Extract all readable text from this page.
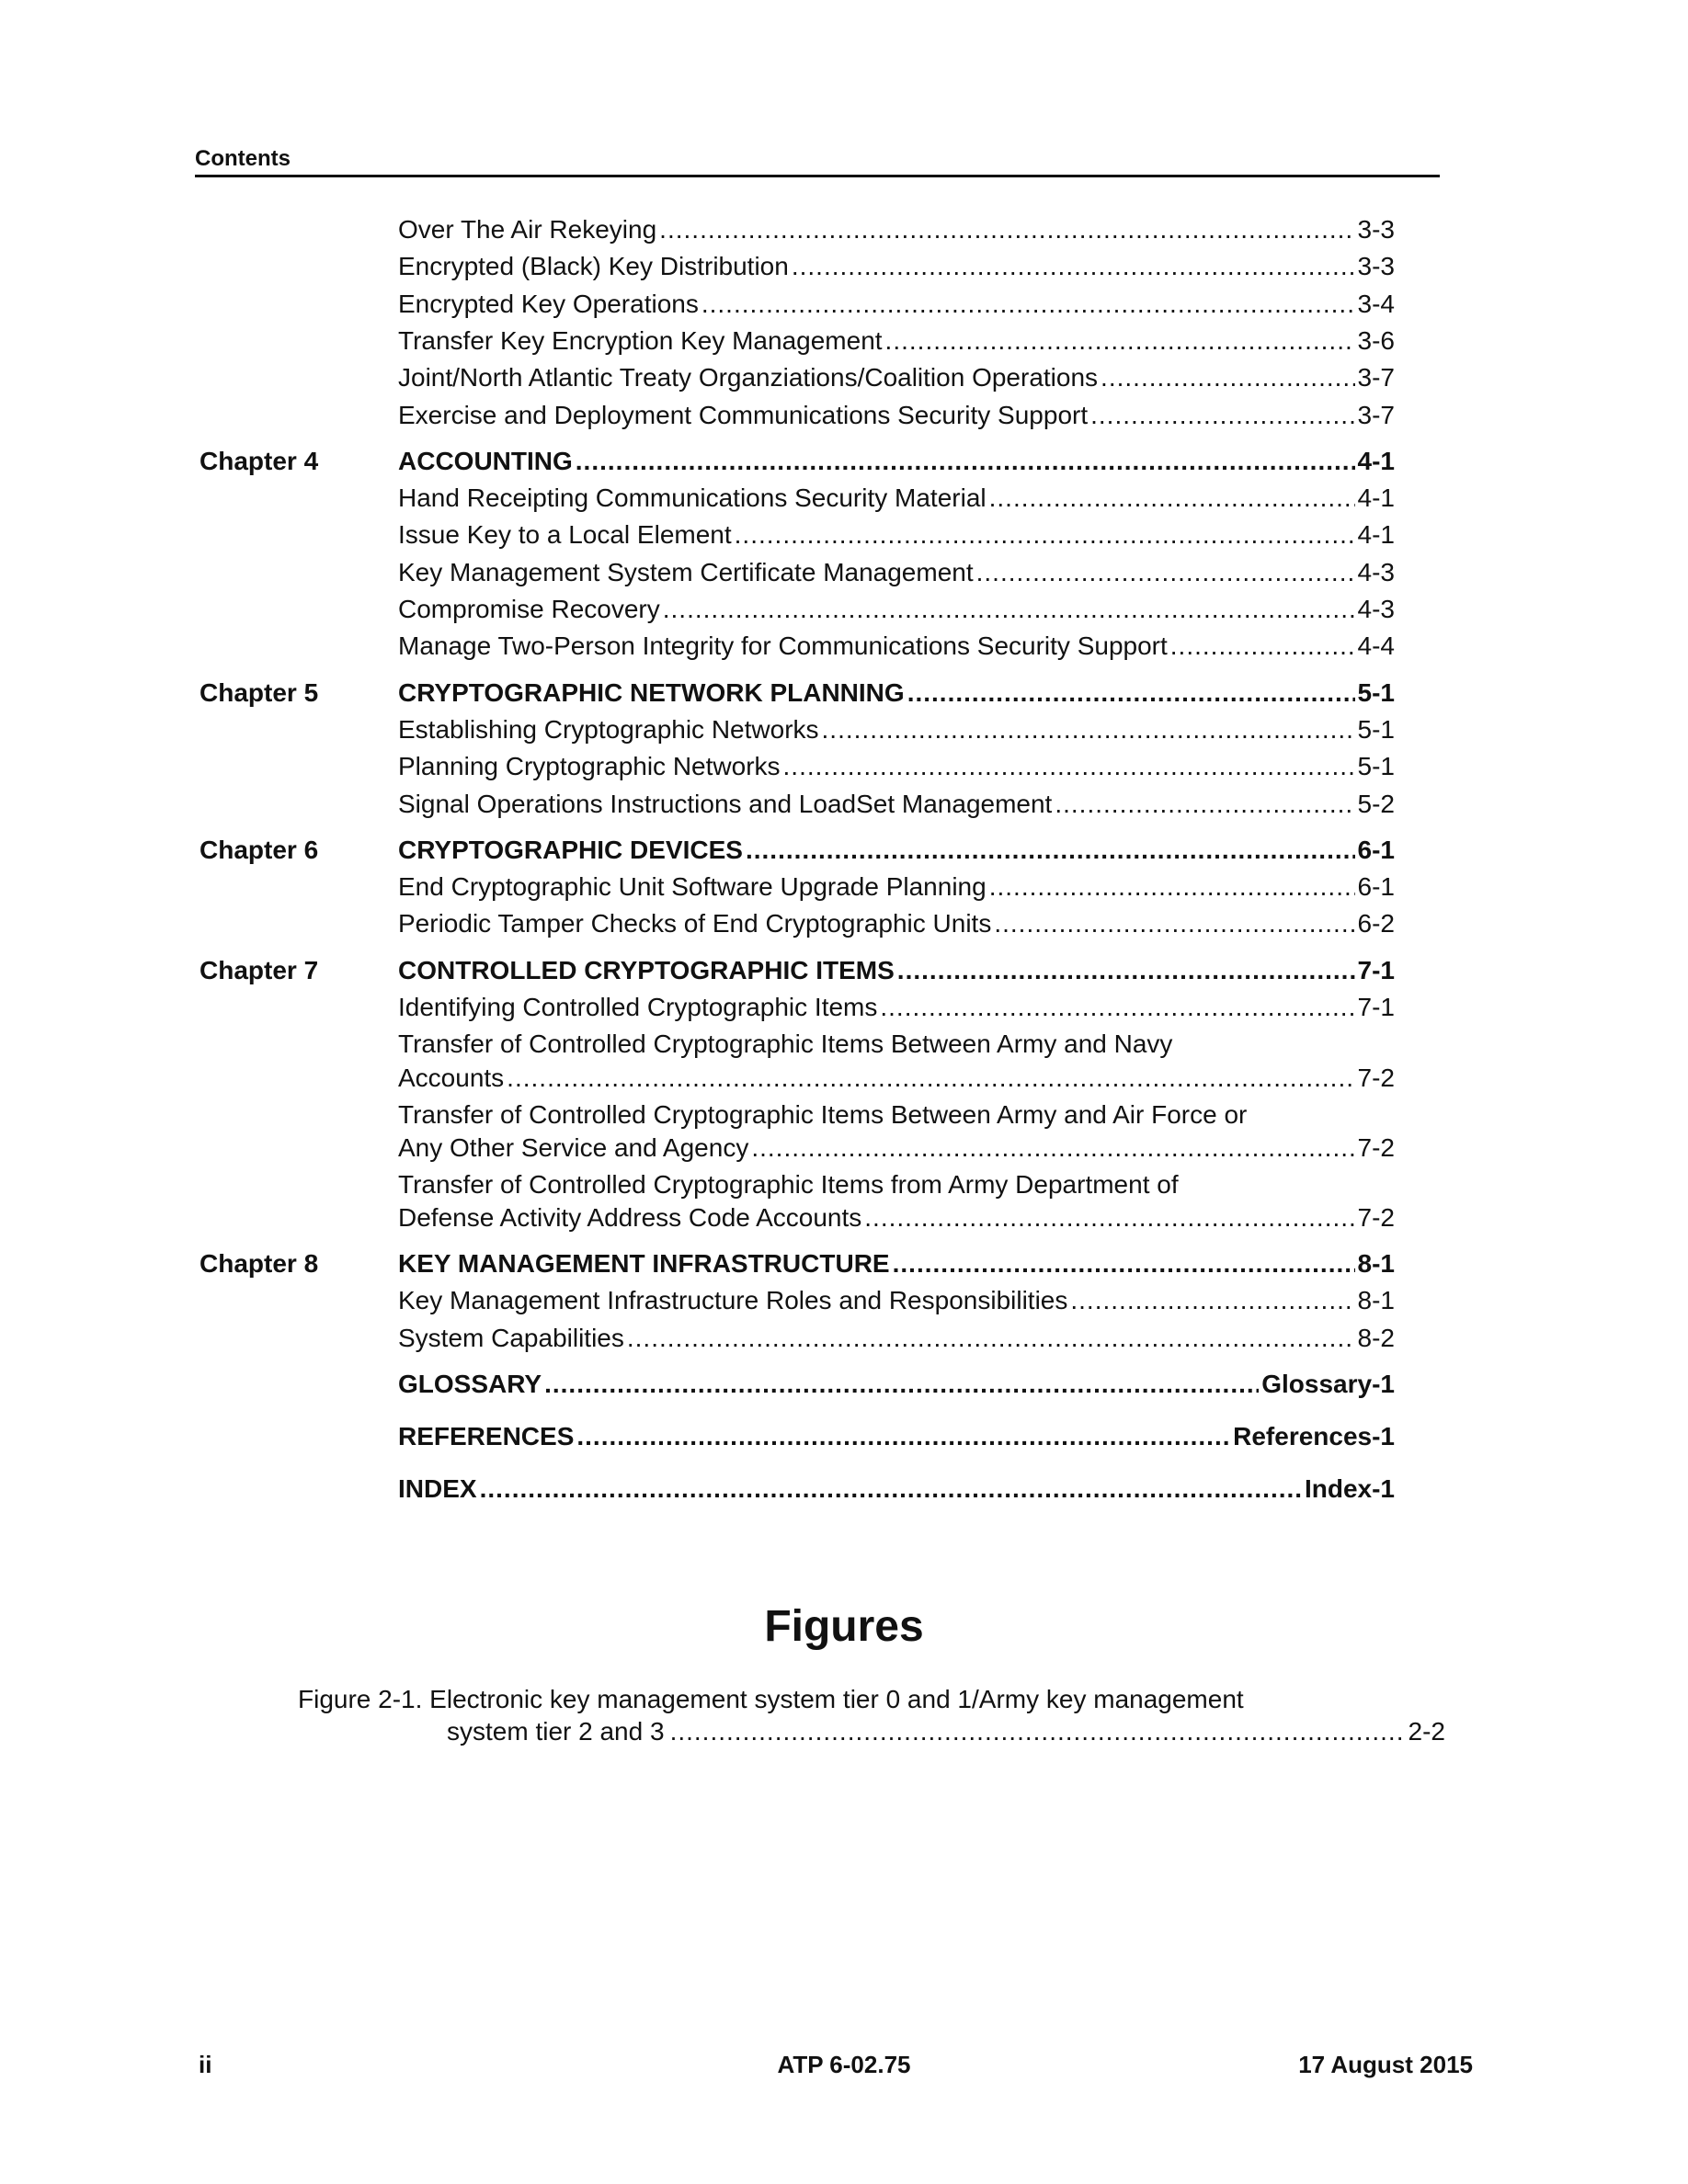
Contents
Over The Air Rekeying .....	3-3
Encrypted (Black) Key Distribution .....	3-3
Encrypted Key Operations .....	3-4
Transfer Key Encryption Key Management .....	3-6
Joint/North Atlantic Treaty Organziations/Coalition Operations .....	3-7
Exercise and Deployment Communications Security Support .....	3-7
Chapter 4	ACCOUNTING .....	4-1
Hand Receipting Communications Security Material .....	4-1
Issue Key to a Local Element .....	4-1
Key Management System Certificate Management .....	4-3
Compromise Recovery .....	4-3
Manage Two-Person Integrity for Communications Security Support .....	4-4
Chapter 5	CRYPTOGRAPHIC NETWORK PLANNING .....	5-1
Establishing Cryptographic Networks .....	5-1
Planning Cryptographic Networks .....	5-1
Signal Operations Instructions and LoadSet Management .....	5-2
Chapter 6	CRYPTOGRAPHIC DEVICES .....	6-1
End Cryptographic Unit Software Upgrade Planning .....	6-1
Periodic Tamper Checks of End Cryptographic Units .....	6-2
Chapter 7	CONTROLLED CRYPTOGRAPHIC ITEMS .....	7-1
Identifying Controlled Cryptographic Items .....	7-1
Transfer of Controlled Cryptographic Items Between Army and Navy
Accounts .....	7-2
Transfer of Controlled Cryptographic Items Between Army and Air Force or
Any Other Service and Agency .....	7-2
Transfer of Controlled Cryptographic Items from Army Department of
Defense Activity Address Code Accounts .....	7-2
Chapter 8	KEY MANAGEMENT INFRASTRUCTURE .....	8-1
Key Management Infrastructure Roles and Responsibilities .....	8-1
System Capabilities .....	8-2
GLOSSARY .....	Glossary-1
REFERENCES .....	References-1
INDEX .....	Index-1
Figures
Figure 2-1. Electronic key management system tier 0 and 1/Army key management
system tier 2 and 3 .....	2-2
ii	ATP 6-02.75	17 August 2015
